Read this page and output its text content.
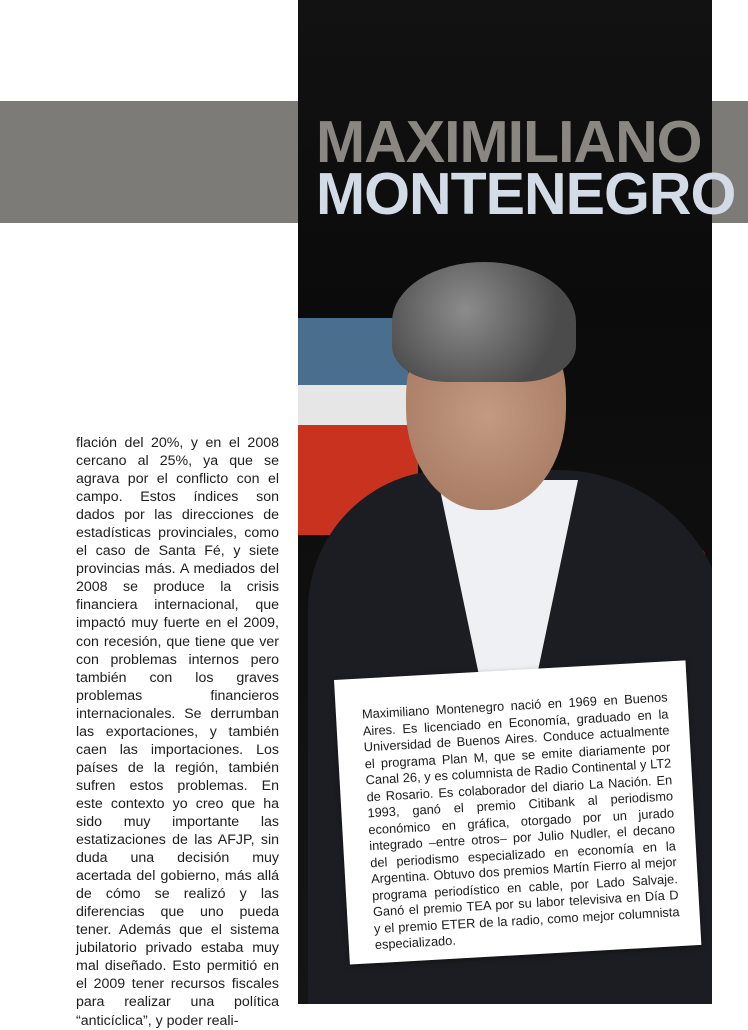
MAXIMILIANO
MONTENEGRO

flación del 20%, y en el 2008 cercano al 25%, ya que se agrava por el conflicto con el campo. Estos índices son dados por las direcciones de estadísticas provinciales, como el caso de Santa Fé, y siete provincias más. A mediados del 2008 se produce la crisis financiera internacional, que impactó muy fuerte en el 2009, con recesión, que tiene que ver con problemas internos pero también con los graves problemas financieros internacionales. Se derrumban las exportaciones, y también caen las importaciones. Los países de la región, también sufren estos problemas. En este contexto yo creo que ha sido muy importante las estatizaciones de las AFJP, sin duda una decisión muy acertada del gobierno, más allá de cómo se realizó y las diferencias que uno pueda tener. Además que el sistema jubilatorio privado estaba muy mal diseñado. Esto permitió en el 2009 tener recursos fiscales para realizar una política “anticíclica”, y poder reali-

Maximiliano Montenegro nació en 1969 en Buenos Aires. Es licenciado en Economía, graduado en la Universidad de Buenos Aires. Conduce actualmente el programa Plan M, que se emite diariamente por Canal 26, y es columnista de Radio Continental y LT2 de Rosario. Es colaborador del diario La Nación. En 1993, ganó el premio Citibank al periodismo económico en gráfica, otorgado por un jurado integrado –entre otros– por Julio Nudler, el decano del periodismo especializado en economía en la Argentina. Obtuvo dos premios Martín Fierro al mejor programa periodístico en cable, por Lado Salvaje. Ganó el premio TEA por su labor televisiva en Día D y el premio ETER de la radio, como mejor columnista especializado.
